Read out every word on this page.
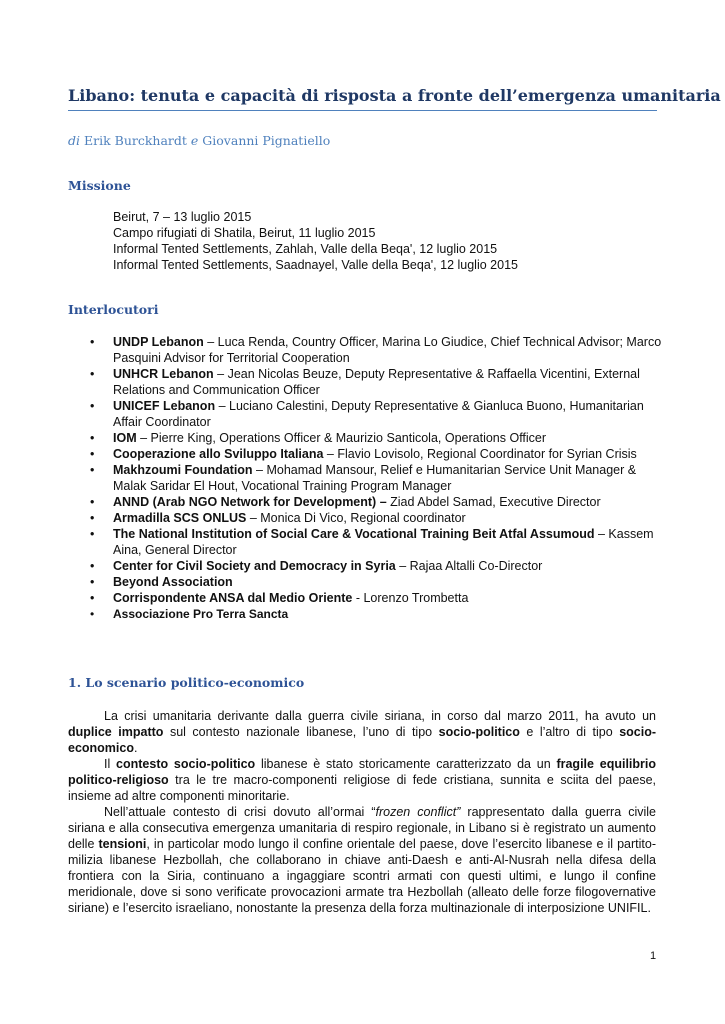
Libano: tenuta e capacità di risposta a fronte dell’emergenza umanitaria
di Erik Burckhardt e Giovanni Pignatiello
Missione
Beirut, 7 – 13 luglio 2015
Campo rifugiati di Shatila, Beirut, 11 luglio 2015
Informal Tented Settlements, Zahlah, Valle della Beqa', 12 luglio 2015
Informal Tented Settlements, Saadnayel, Valle della Beqa', 12 luglio 2015
Interlocutori
• UNDP Lebanon – Luca Renda, Country Officer, Marina Lo Giudice, Chief Technical Advisor; Marco Pasquini Advisor for Territorial Cooperation
• UNHCR Lebanon – Jean Nicolas Beuze, Deputy Representative & Raffaella Vicentini, External Relations and Communication Officer
• UNICEF Lebanon – Luciano Calestini, Deputy Representative & Gianluca Buono, Humanitarian Affair Coordinator
• IOM – Pierre King, Operations Officer & Maurizio Santicola, Operations Officer
• Cooperazione allo Sviluppo Italiana – Flavio Lovisolo, Regional Coordinator for Syrian Crisis
• Makhzoumi Foundation – Mohamad Mansour, Relief e Humanitarian Service Unit Manager & Malak Saridar El Hout, Vocational Training Program Manager
• ANND (Arab NGO Network for Development) – Ziad Abdel Samad, Executive Director
• Armadilla SCS ONLUS – Monica Di Vico, Regional coordinator
• The National Institution of Social Care & Vocational Training Beit Atfal Assumoud – Kassem Aina, General Director
• Center for Civil Society and Democracy in Syria – Rajaa Altalli Co-Director
• Beyond Association
• Corrispondente ANSA dal Medio Oriente - Lorenzo Trombetta
• Associazione Pro Terra Sancta
1. Lo scenario politico-economico

La crisi umanitaria derivante dalla guerra civile siriana, in corso dal marzo 2011, ha avuto un duplice impatto sul contesto nazionale libanese, l’uno di tipo socio-politico e l’altro di tipo socio-economico.

Il contesto socio-politico libanese è stato storicamente caratterizzato da un fragile equilibrio politico-religioso tra le tre macro-componenti religiose di fede cristiana, sunnita e sciita del paese, insieme ad altre componenti minoritarie.

Nell’attuale contesto di crisi dovuto all’ormai “frozen conflict” rappresentato dalla guerra civile siriana e alla consecutiva emergenza umanitaria di respiro regionale, in Libano si è registrato un aumento delle tensioni, in particolar modo lungo il confine orientale del paese, dove l’esercito libanese e il partito-milizia libanese Hezbollah, che collaborano in chiave anti-Daesh e anti-Al-Nusrah nella difesa della frontiera con la Siria, continuano a ingaggiare scontri armati con questi ultimi, e lungo il confine meridionale, dove si sono verificate provocazioni armate tra Hezbollah (alleato delle forze filogovernative siriane) e l’esercito israeliano, nonostante la presenza della forza multinazionale di interposizione UNIFIL.

1
